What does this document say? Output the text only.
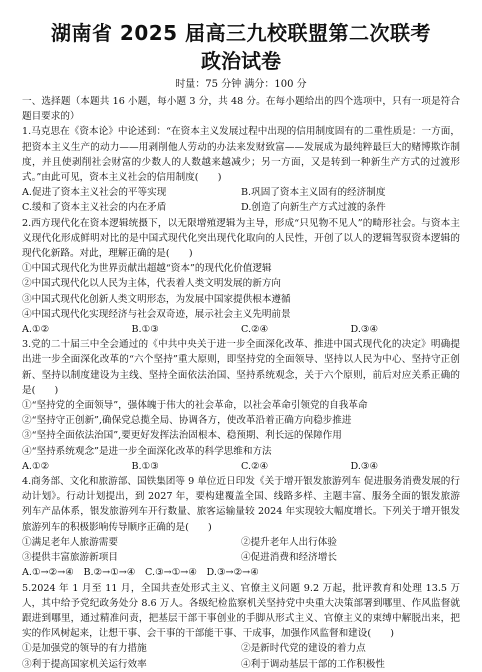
湖南省 2025 届高三九校联盟第二次联考
政治试卷
时量：75 分钟 满分：100 分

一、选择题（本题共 16 小题，每小题 3 分，共 48 分。在每小题给出的四个选项中，只有一项是符合题目要求的）

1.马克思在《资本论》中论述到：“在资本主义发展过程中出现的信用制度固有的二重性质是：一方面，把资本主义生产的动力——用剥削他人劳动的办法来发财致富——发展成为最纯粹最巨大的赌博欺诈制度，并且使剥削社会财富的少数人的人数越来越减少；另一方面，又是转到一种新生产方式的过渡形式。”由此可见，资本主义社会的信用制度(　　)

A.促进了资本主义社会的平等实现	B.巩固了资本主义固有的经济制度
C.缓和了资本主义社会的内在矛盾	D.创造了向新生产方式过渡的条件

2.西方现代化在资本逻辑统摄下，以无限增殖逻辑为主导，形成“只见物不见人”的畸形社会。与资本主义现代化形成鲜明对比的是中国式现代化突出现代化取向的人民性，开创了以人的逻辑驾驭资本逻辑的现代化新路。对此，理解正确的是(　　)

①中国式现代化为世界贡献出超越“资本”的现代化价值逻辑
②中国式现代化以人民为主体，代表着人类文明发展的新方向
③中国式现代化创新人类文明形态，为发展中国家提供根本遵循
④中国式现代化实现经济与社会双奇迹，展示社会主义先明前景
A.①②	B.①③	C.②④	D.③④

3.党的二十届三中全会通过的《中共中央关于进一步全面深化改革、推进中国式现代化的决定》明确提出进一步全面深化改革的“六个坚持”重大原则，即坚持党的全面领导、坚持以人民为中心、坚持守正创新、坚持以制度建设为主线、坚持全面依法治国、坚持系统观念，关于六个原则，前后对应关系正确的是(　　)

①“坚持党的全面领导”，强体魄于伟大的社会革命，以社会革命引领党的自我革命
②“坚持守正创新”,确保党总揽全局、协调各方，使改革沿着正确方向稳步推进
③“坚持全面依法治国”,要更好发挥法治固根本、稳预期、利长远的保障作用
④“坚持系统观念”是进一步全面深化改革的科学思维和方法
A.①②	B.①③	C.②④	D.③④

4.商务部、文化和旅游部、国铁集团等 9 单位近日印发《关于增开银发旅游列车 促进服务消费发展的行动计划》。行动计划提出，到 2027 年，要构建覆盖全国、线路多样、主题丰富、服务全面的银发旅游列车产品体系，银发旅游列车开行数量、旅客运输量较 2024 年实现较大幅度增长。下列关于增开银发旅游列车的积极影响传导顺序正确的是(　　)

①满足老年人旅游需要	②提升老年人出行体验
③提供丰富旅游新项目	④促进消费和经济增长
A.①→②→④　B.②→①→④　C.③→①→④　D.③→②→④

5.2024 年 1 月至 11 月，全国共查处形式主义、官僚主义问题 9.2 万起，批评教育和处理 13.5 万人，其中给予党纪政务处分 8.6 万人。各级纪检监察机关坚持党中央重大决策部署到哪里、作风监督就跟进到哪里，通过精准问责，把基层干部干事创业的手脚从形式主义、官僚主义的束缚中解脱出来，把实的作风树起来，让想干事、会干事的干部能干事、干成事，加强作风监督和建设(　　)

①是加强党的领导的有力措施	②是新时代党的建设的着力点
③利于提高国家机关运行效率	④利于调动基层干部的工作积极性
